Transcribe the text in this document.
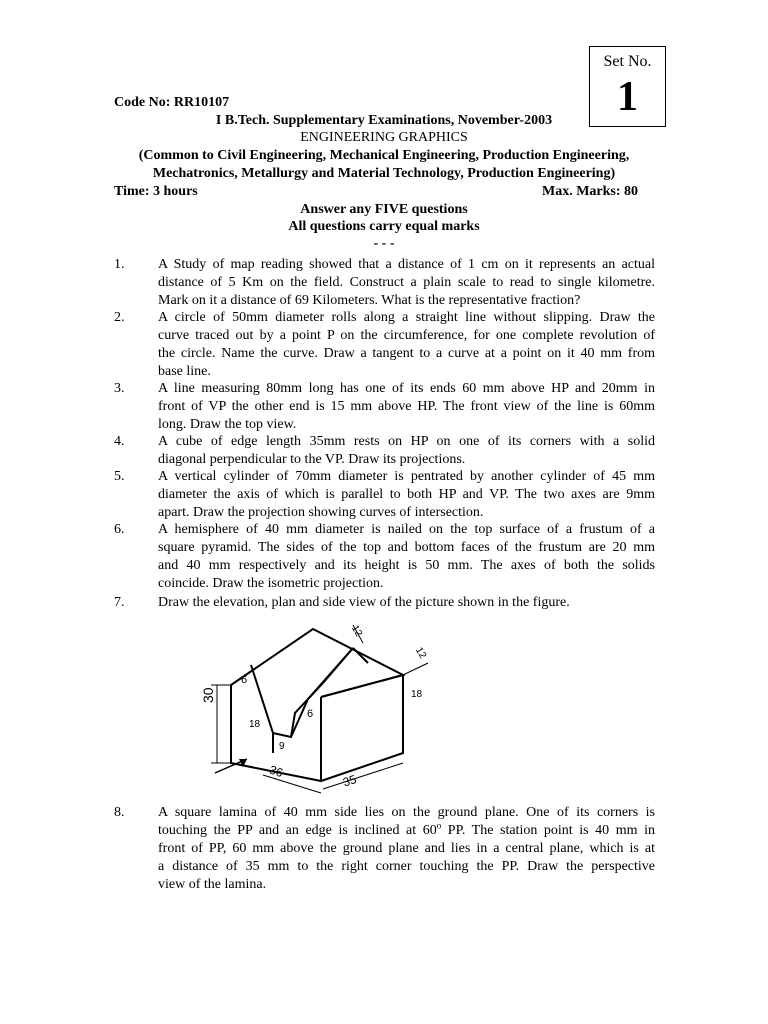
Set No.
1
Code No: RR10107
I B.Tech. Supplementary Examinations, November-2003
ENGINEERING GRAPHICS
(Common to Civil Engineering, Mechanical Engineering, Production Engineering,
Mechatronics, Metallurgy and Material Technology, Production Engineering)
Time: 3 hours	Max. Marks: 80
Answer any FIVE questions
All questions carry equal marks
- - -
1. A Study of map reading showed that a distance of 1 cm on it represents an actual
distance of 5 Km on the field. Construct a plain scale to read to single kilometre.
Mark on it a distance of 69 Kilometers. What is the representative fraction?
2. A circle of 50mm diameter rolls along a straight line without slipping. Draw the
curve traced out by a point P on the circumference, for one complete revolution of
the circle. Name the curve. Draw a tangent to a curve at a point on it 40 mm from
base line.
3. A line measuring 80mm long has one of its ends 60 mm above HP and 20mm in
front of VP the other end is 15 mm above HP. The front view of the line is 60mm
long. Draw the top view.
4. A cube of edge length 35mm rests on HP on one of its corners with a solid
diagonal perpendicular to the VP. Draw its projections.
5. A vertical cylinder of 70mm diameter is pentrated by another cylinder of 45 mm
diameter the axis of which is parallel to both HP and VP. The two axes are 9mm
apart. Draw the projection showing curves of intersection.
6. A hemisphere of 40 mm diameter is nailed on the top surface of a frustum of a
square pyramid. The sides of the top and bottom faces of the frustum are 20 mm
and 40 mm respectively and its height is 50 mm. The axes of both the solids
coincide. Draw the isometric projection.
7. Draw the elevation, plan and side view of the picture shown in the figure.
30
6
18
9
6
36
35
18
12
12
8. A square lamina of 40 mm side lies on the ground plane. One of its corners is
touching the PP and an edge is inclined at 60$^o$ PP. The station point is 40 mm in
front of PP, 60 mm above the ground plane and lies in a central plane, which is at
a distance of 35 mm to the right corner touching the PP. Draw the perspective
view of the lamina.
